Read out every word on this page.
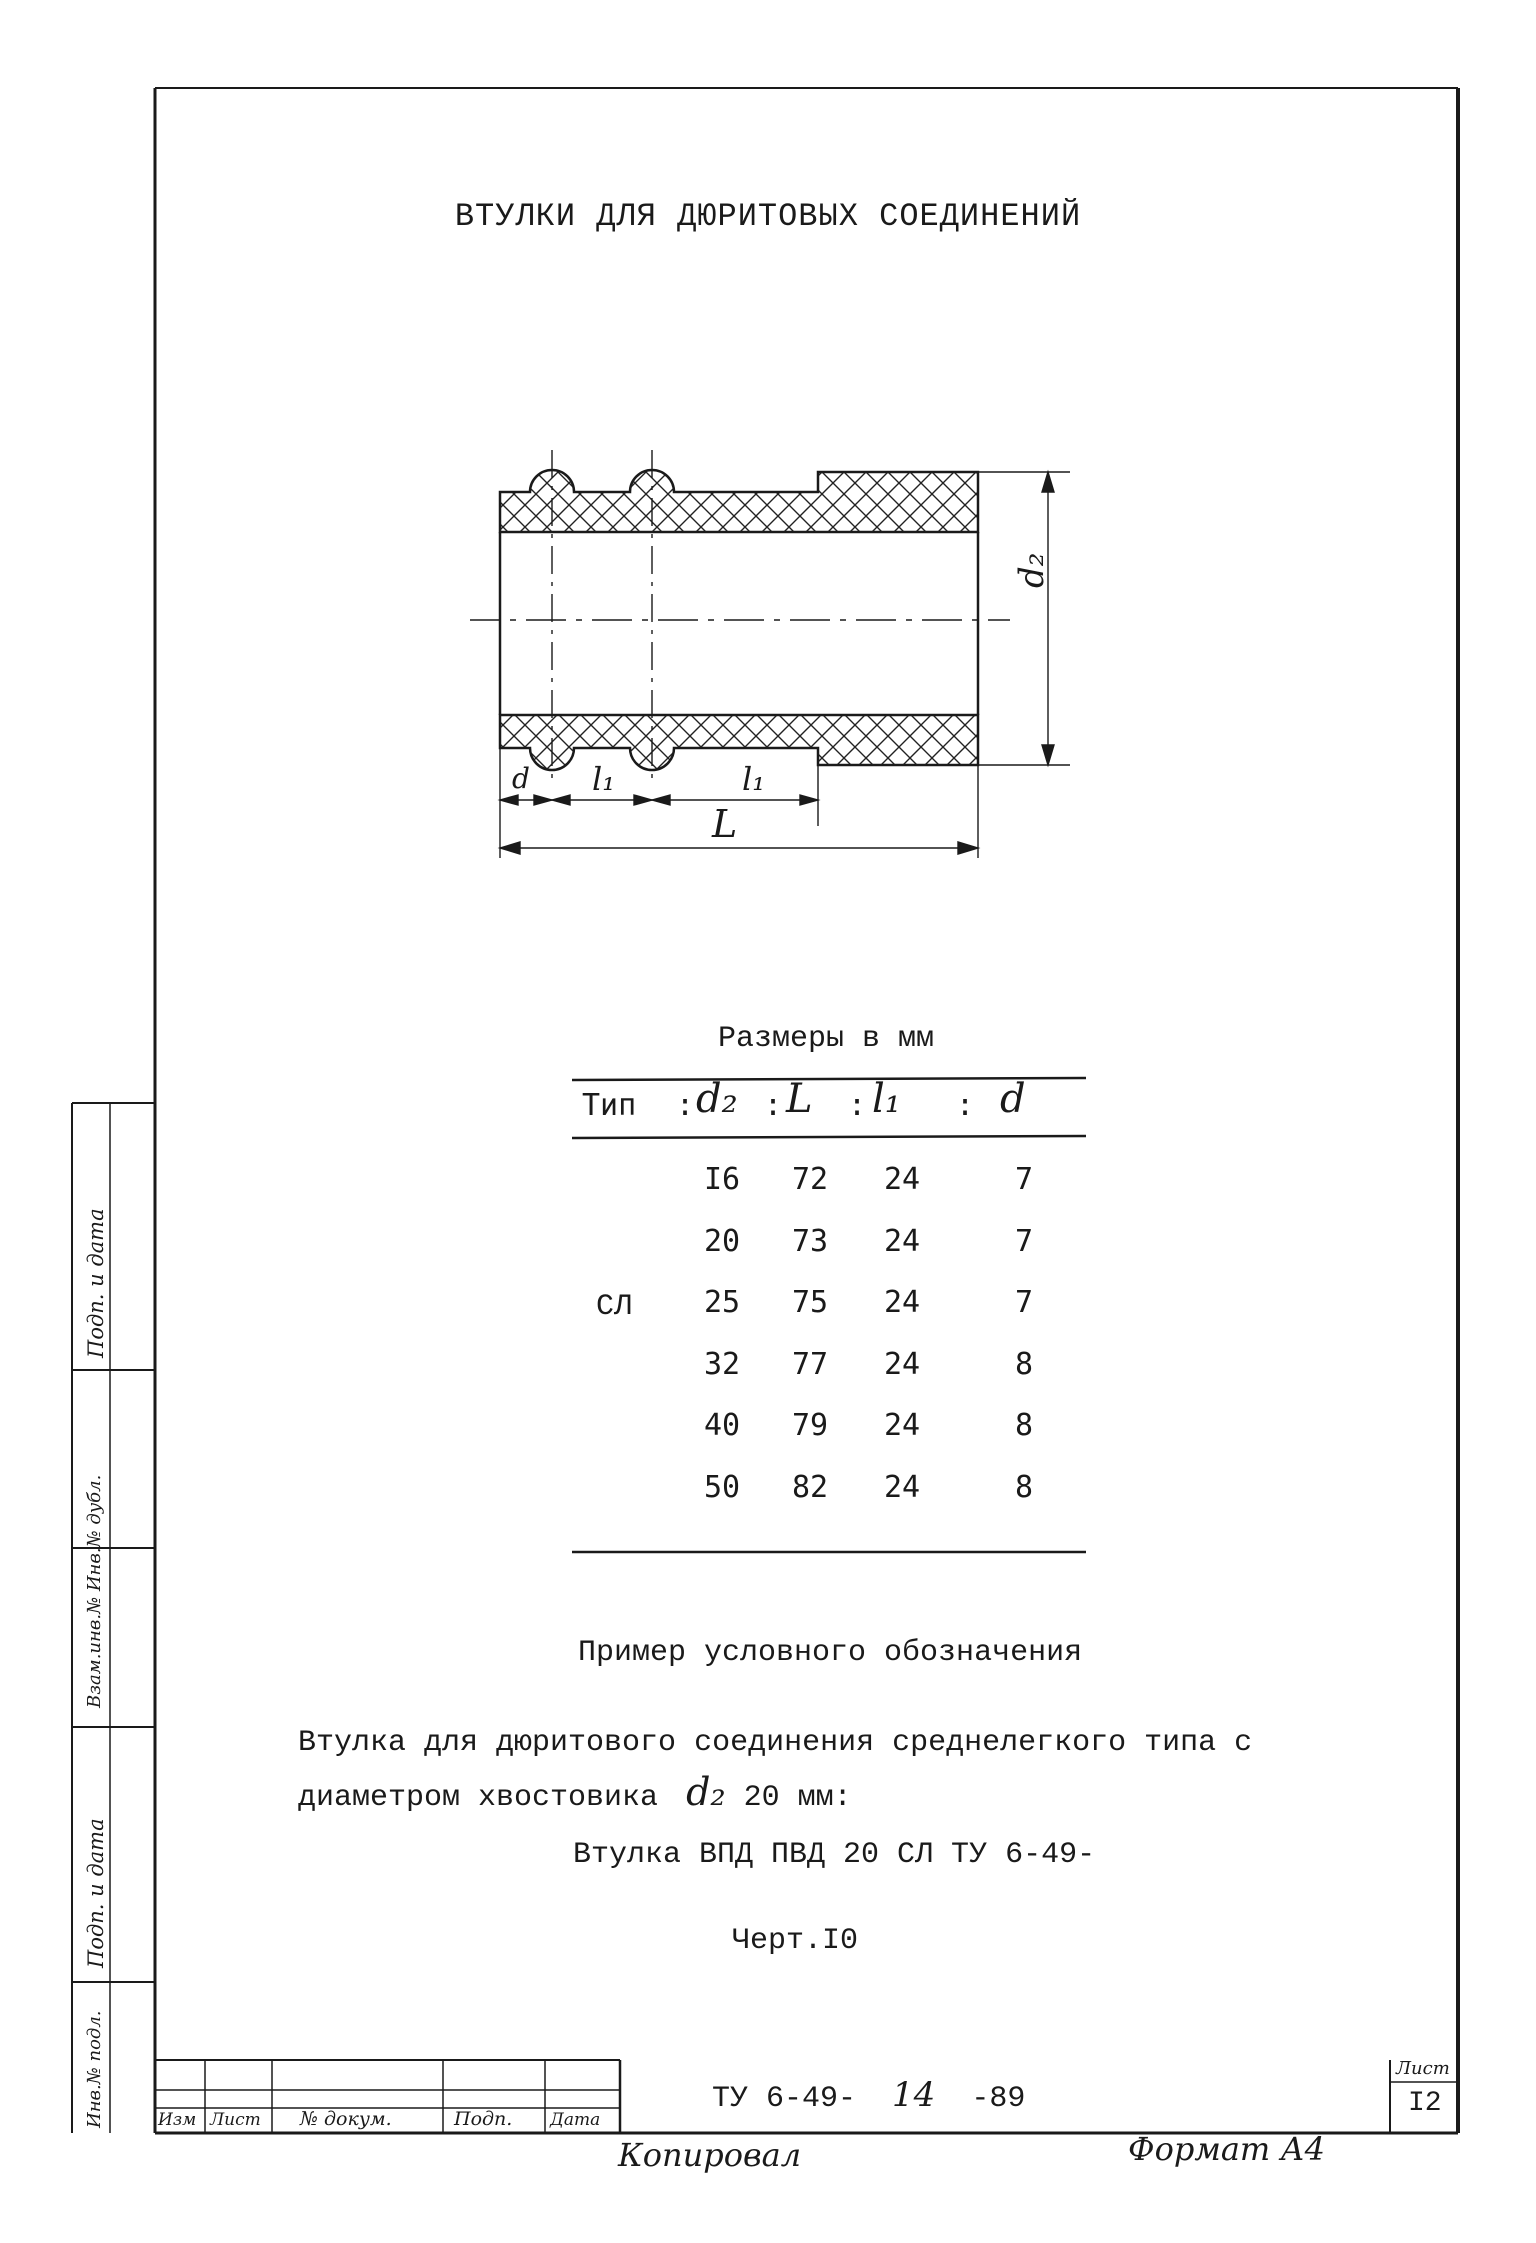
ВТУЛКИ ДЛЯ ДЮРИТОВЫХ СОЕДИНЕНИЙ
d₂
d l₁	l₁
L
Размеры в мм
Тип : d₂ : L : l₁ : d
СЛ
I6	72	24	7
20	73	24	7
25	75	24	7
32	77	24	8
40	79	24	8
50	82	24	8
Пример условного обозначения
Втулка для дюритового соединения среднелегкого типа с
диаметром хвостовика d₂ 20 мм:
Втулка ВПД ПВД 20 СЛ ТУ 6-49-
Черт.I0
Подп. и дата
Взам.инв.№ Инв.№ дубл.
Подп. и дата
Инв.№ подл.	Изм Лист № докум.	Подп. Дата
ТУ 6-49- 14 -89
Лист
I2
Копировал	Формат А4
